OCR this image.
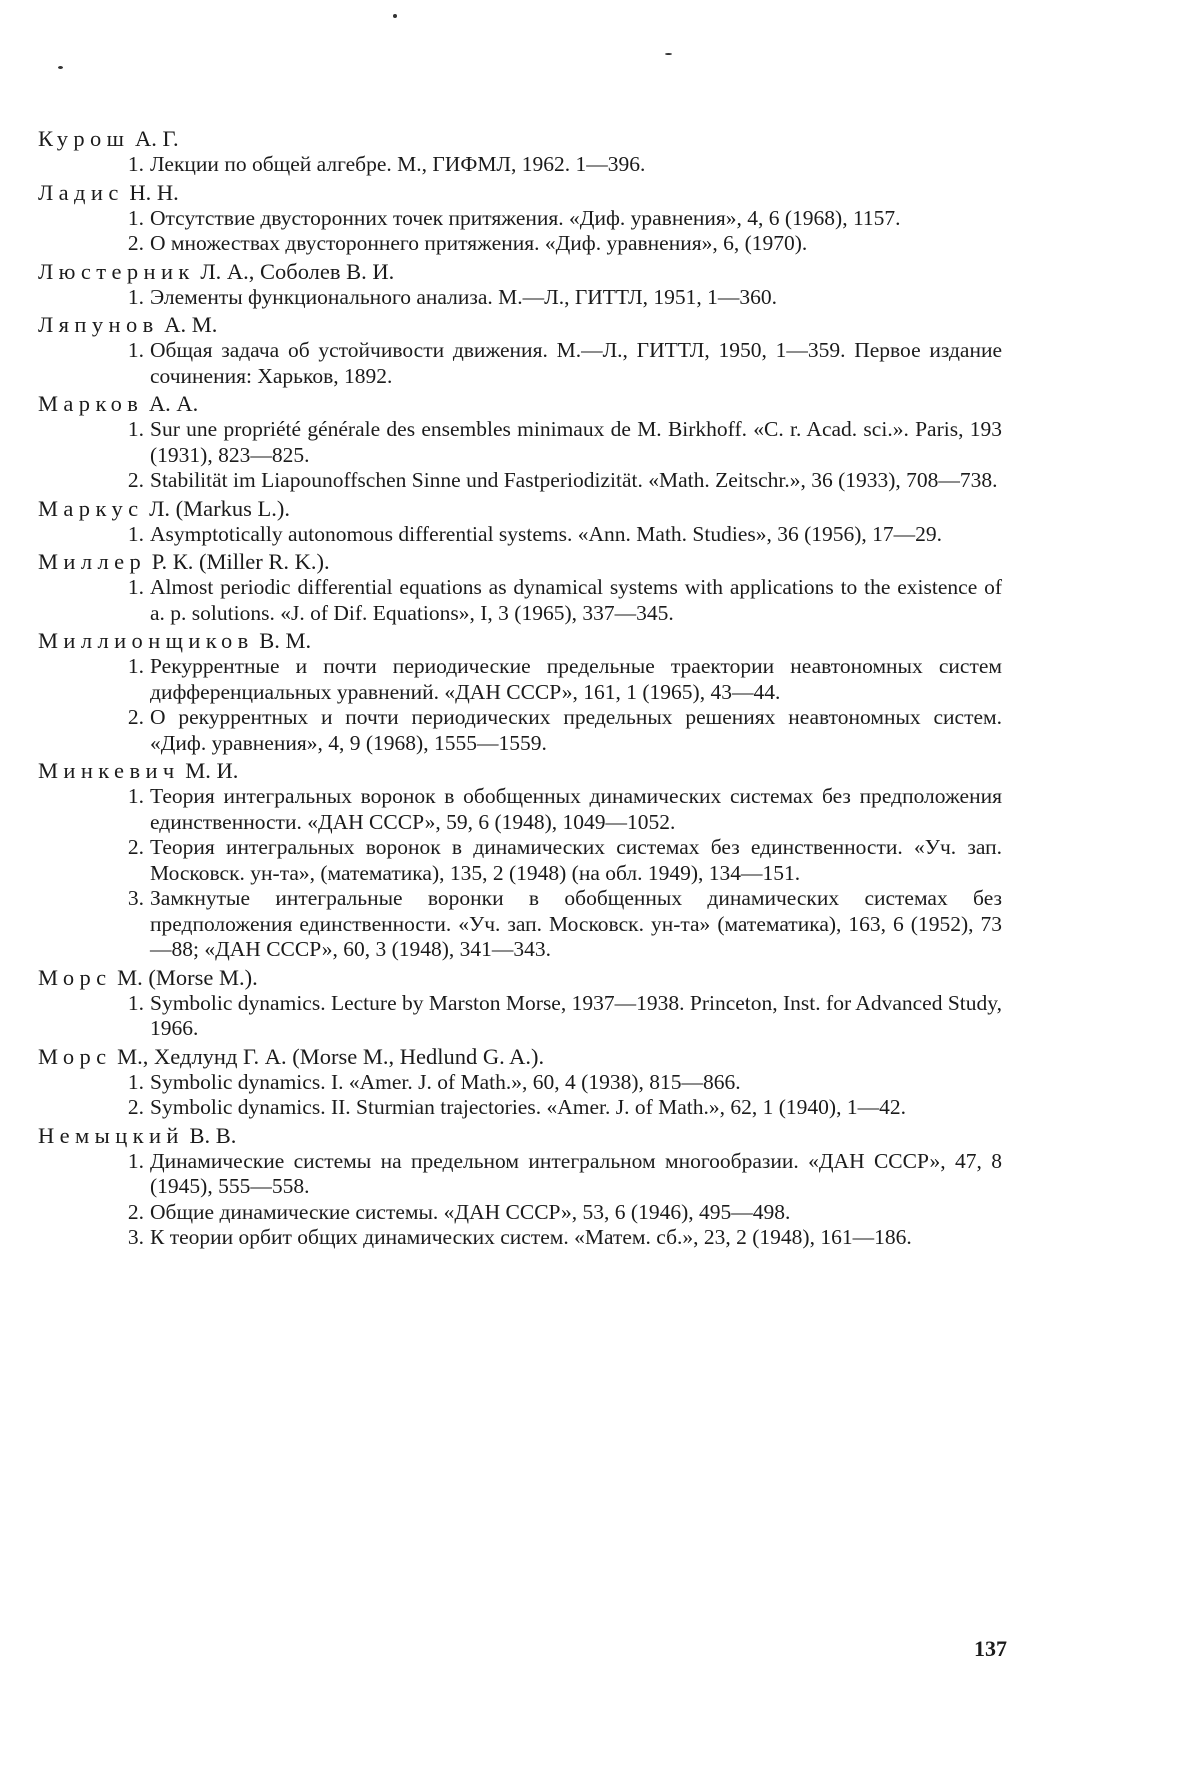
Курош А. Г.
1. Лекции по общей алгебре. М., ГИФМЛ, 1962. 1—396.
Ладис Н. Н.
1. Отсутствие двусторонних точек притяжения. «Диф. уравнения», 4, 6 (1968), 1157.
2. О множествах двустороннего притяжения. «Диф. уравнения», 6, (1970).
Люстерник Л. А., Соболев В. И.
1. Элементы функционального анализа. М.—Л., ГИТТЛ, 1951, 1—360.
Ляпунов А. М.
1. Общая задача об устойчивости движения. М.—Л., ГИТТЛ, 1950, 1—359. Первое издание сочинения: Харьков, 1892.
Марков А. А.
1. Sur une propriété générale des ensembles minimaux de M. Birkhoff. «C. r. Acad. sci.». Paris, 193 (1931), 823—825.
2. Stabilität im Liapounoffschen Sinne und Fastperiodizität. «Math. Zeitschr.», 36 (1933), 708—738.
Маркус Л. (Markus L.).
1. Asymptotically autonomous differential systems. «Ann. Math. Studies», 36 (1956), 17—29.
Миллер Р. К. (Miller R. K.).
1. Almost periodic differential equations as dynamical systems with applications to the existence of a. p. solutions. «J. of Dif. Equations», I, 3 (1965), 337—345.
Миллионщиков В. М.
1. Рекуррентные и почти периодические предельные траектории неавтономных систем дифференциальных уравнений. «ДАН СССР», 161, 1 (1965), 43—44.
2. О рекуррентных и почти периодических предельных решениях неавтономных систем. «Диф. уравнения», 4, 9 (1968), 1555—1559.
Минкевич М. И.
1. Теория интегральных воронок в обобщенных динамических системах без предположения единственности. «ДАН СССР», 59, 6 (1948), 1049—1052.
2. Теория интегральных воронок в динамических системах без единственности. «Уч. зап. Московск. ун-та», (математика), 135, 2 (1948) (на обл. 1949), 134—151.
3. Замкнутые интегральные воронки в обобщенных динамических системах без предположения единственности. «Уч. зап. Московск. ун-та» (математика), 163, 6 (1952), 73—88; «ДАН СССР», 60, 3 (1948), 341—343.
Морс М. (Morse M.).
1. Symbolic dynamics. Lecture by Marston Morse, 1937—1938. Princeton, Inst. for Advanced Study, 1966.
Морс М., Хедлунд Г. А. (Morse M., Hedlund G. A.).
1. Symbolic dynamics. I. «Amer. J. of Math.», 60, 4 (1938), 815—866.
2. Symbolic dynamics. II. Sturmian trajectories. «Amer. J. of Math.», 62, 1 (1940), 1—42.
Немыцкий В. В.
1. Динамические системы на предельном интегральном многообразии. «ДАН СССР», 47, 8 (1945), 555—558.
2. Общие динамические системы. «ДАН СССР», 53, 6 (1946), 495—498.
3. К теории орбит общих динамических систем. «Матем. сб.», 23, 2 (1948), 161—186.
137
